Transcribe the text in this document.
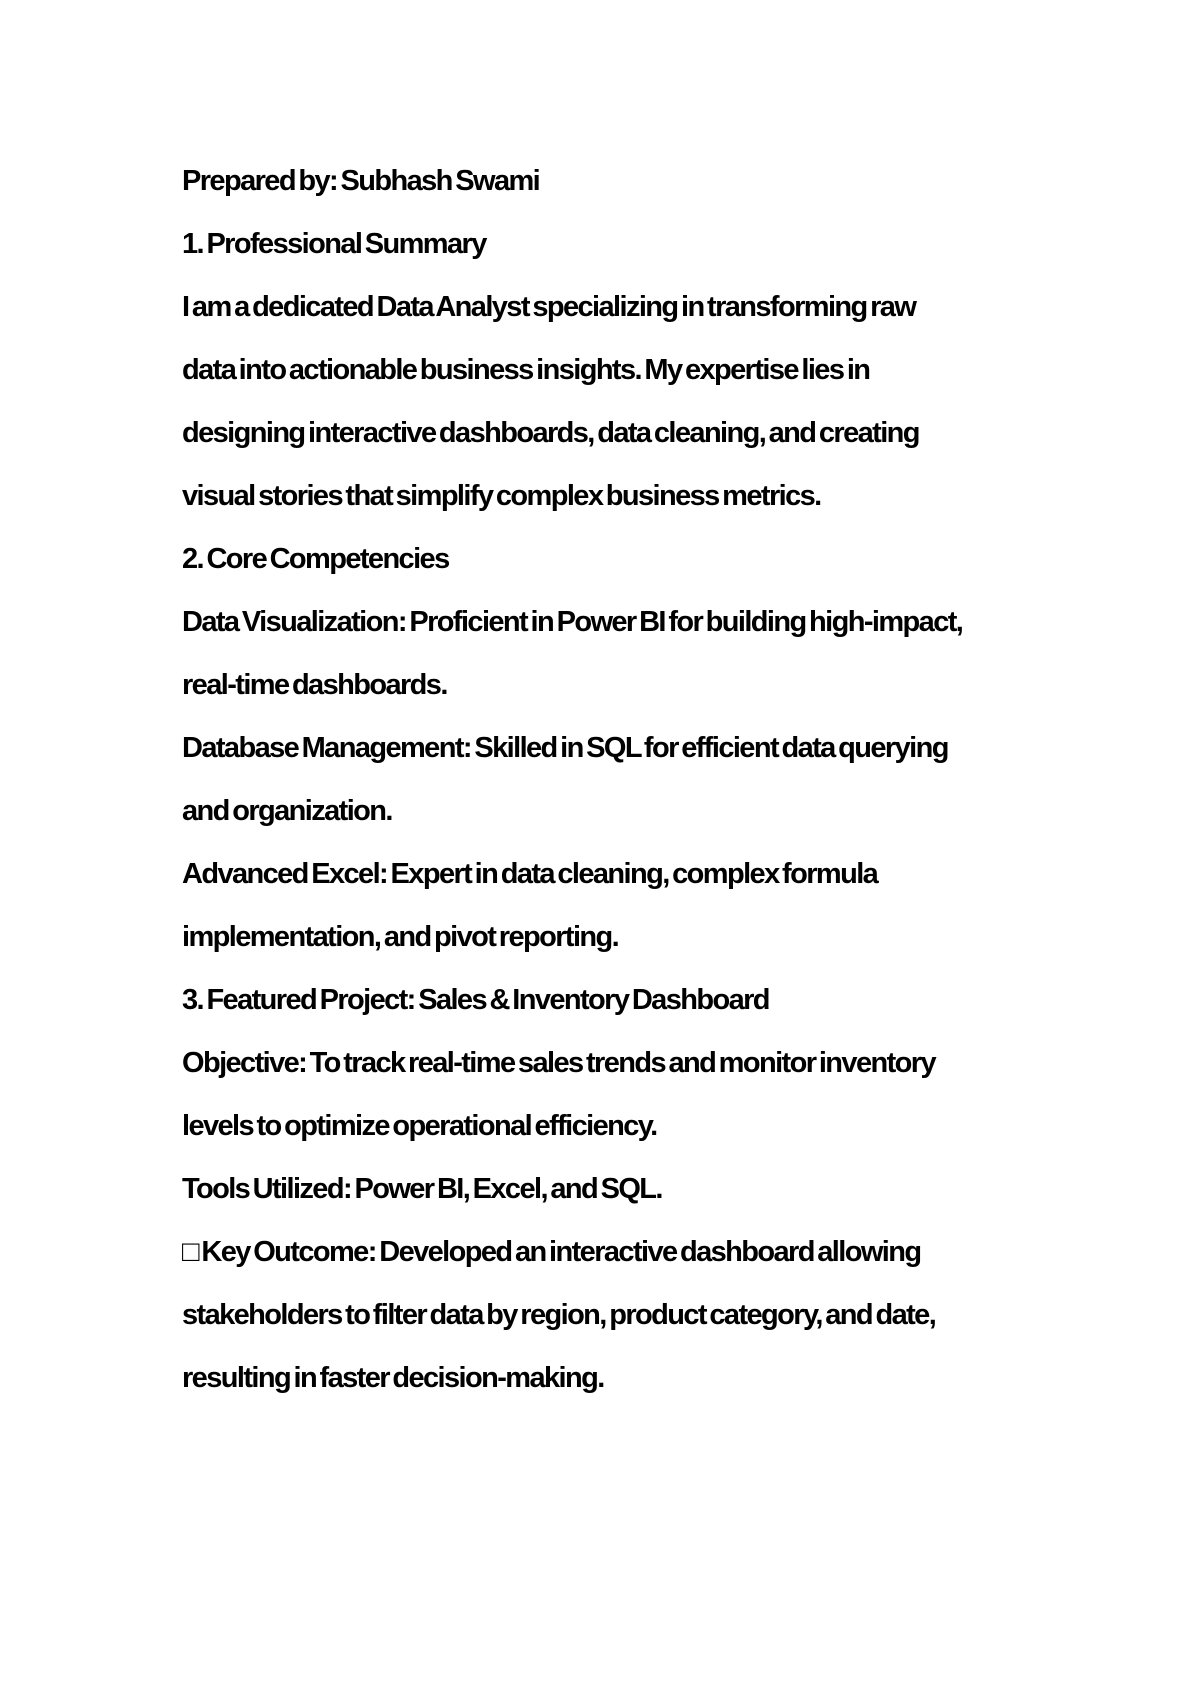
Prepared by: Subhash Swami

1. Professional Summary

I am a dedicated Data Analyst specializing in transforming raw

data into actionable business insights. My expertise lies in

designing interactive dashboards, data cleaning, and creating

visual stories that simplify complex business metrics.

2. Core Competencies

Data Visualization: Proficient in Power BI for building high-impact,

real-time dashboards.

Database Management: Skilled in SQL for efficient data querying

and organization.

Advanced Excel: Expert in data cleaning, complex formula

implementation, and pivot reporting.

3. Featured Project: Sales & Inventory Dashboard

Objective: To track real-time sales trends and monitor inventory

levels to optimize operational efficiency.

Tools Utilized: Power BI, Excel, and SQL.

□ Key Outcome: Developed an interactive dashboard allowing

stakeholders to filter data by region, product category, and date,

resulting in faster decision-making.
